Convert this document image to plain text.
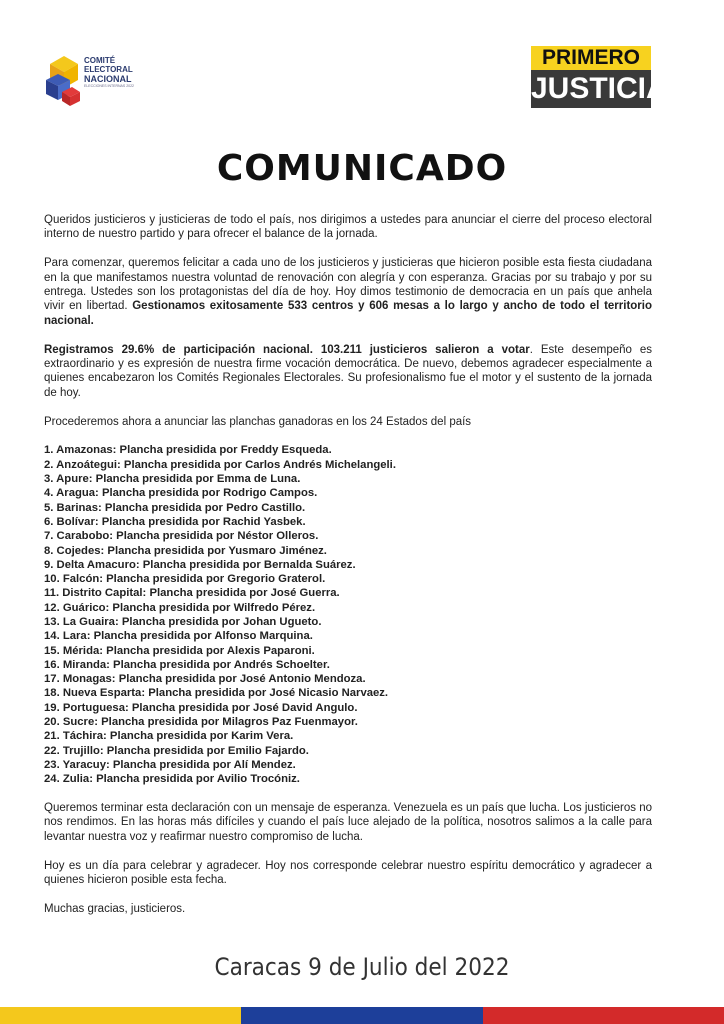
COMITÉ
ELECTORAL
NACIONAL
ELECCIONES INTERNAS 2022
PRIMERO
JUSTICIA
COMUNICADO

Queridos justicieros y justicieras de todo el país, nos dirigimos a ustedes para anunciar el cierre del proceso electoral interno de nuestro partido y para ofrecer el balance de la jornada.

Para comenzar, queremos felicitar a cada uno de los justicieros y justicieras que hicieron posible esta fiesta ciudadana en la que manifestamos nuestra voluntad de renovación con alegría y con esperanza. Gracias por su trabajo y por su entrega. Ustedes son los protagonistas del día de hoy. Hoy dimos testimonio de democracia en un país que anhela vivir en libertad. Gestionamos exitosamente 533 centros y 606 mesas a lo largo y ancho de todo el territorio nacional.

Registramos 29.6% de participación nacional. 103.211 justicieros salieron a votar. Este desempeño es extraordinario y es expresión de nuestra firme vocación democrática. De nuevo, debemos agradecer especialmente a quienes encabezaron los Comités Regionales Electorales. Su profesionalismo fue el motor y el sustento de la jornada de hoy.

Procederemos ahora a anunciar las planchas ganadoras en los 24 Estados del país

1. Amazonas: Plancha presidida por Freddy Esqueda.
2. Anzoátegui: Plancha presidida por Carlos Andrés Michelangeli.
3. Apure: Plancha presidida por Emma de Luna.
4. Aragua: Plancha presidida por Rodrigo Campos.
5. Barinas: Plancha presidida por Pedro Castillo.
6. Bolívar: Plancha presidida por Rachid Yasbek.
7. Carabobo: Plancha presidida por Néstor Olleros.
8. Cojedes: Plancha presidida por Yusmaro Jiménez.
9. Delta Amacuro: Plancha presidida por Bernalda Suárez.
10. Falcón: Plancha presidida por Gregorio Graterol.
11. Distrito Capital: Plancha presidida por José Guerra.
12. Guárico: Plancha presidida por Wilfredo Pérez.
13. La Guaira: Plancha presidida por Johan Ugueto.
14. Lara: Plancha presidida por Alfonso Marquina.
15. Mérida: Plancha presidida por Alexis Paparoni.
16. Miranda: Plancha presidida por Andrés Schoelter.
17. Monagas: Plancha presidida por José Antonio Mendoza.
18. Nueva Esparta: Plancha presidida por José Nicasio Narvaez.
19. Portuguesa: Plancha presidida por José David Angulo.
20. Sucre: Plancha presidida por Milagros Paz Fuenmayor.
21. Táchira: Plancha presidida por Karim Vera.
22. Trujillo: Plancha presidida por Emilio Fajardo.
23. Yaracuy: Plancha presidida por Alí Mendez.
24. Zulia: Plancha presidida por Avilio Trocóniz.

Queremos terminar esta declaración con un mensaje de esperanza. Venezuela es un país que lucha. Los justicieros no nos rendimos. En las horas más difíciles y cuando el país luce alejado de la política, nosotros salimos a la calle para levantar nuestra voz y reafirmar nuestro compromiso de lucha.

Hoy es un día para celebrar y agradecer. Hoy nos corresponde celebrar nuestro espíritu democrático y agradecer a quienes hicieron posible esta fecha.

Muchas gracias, justicieros.

Caracas 9 de Julio del 2022
